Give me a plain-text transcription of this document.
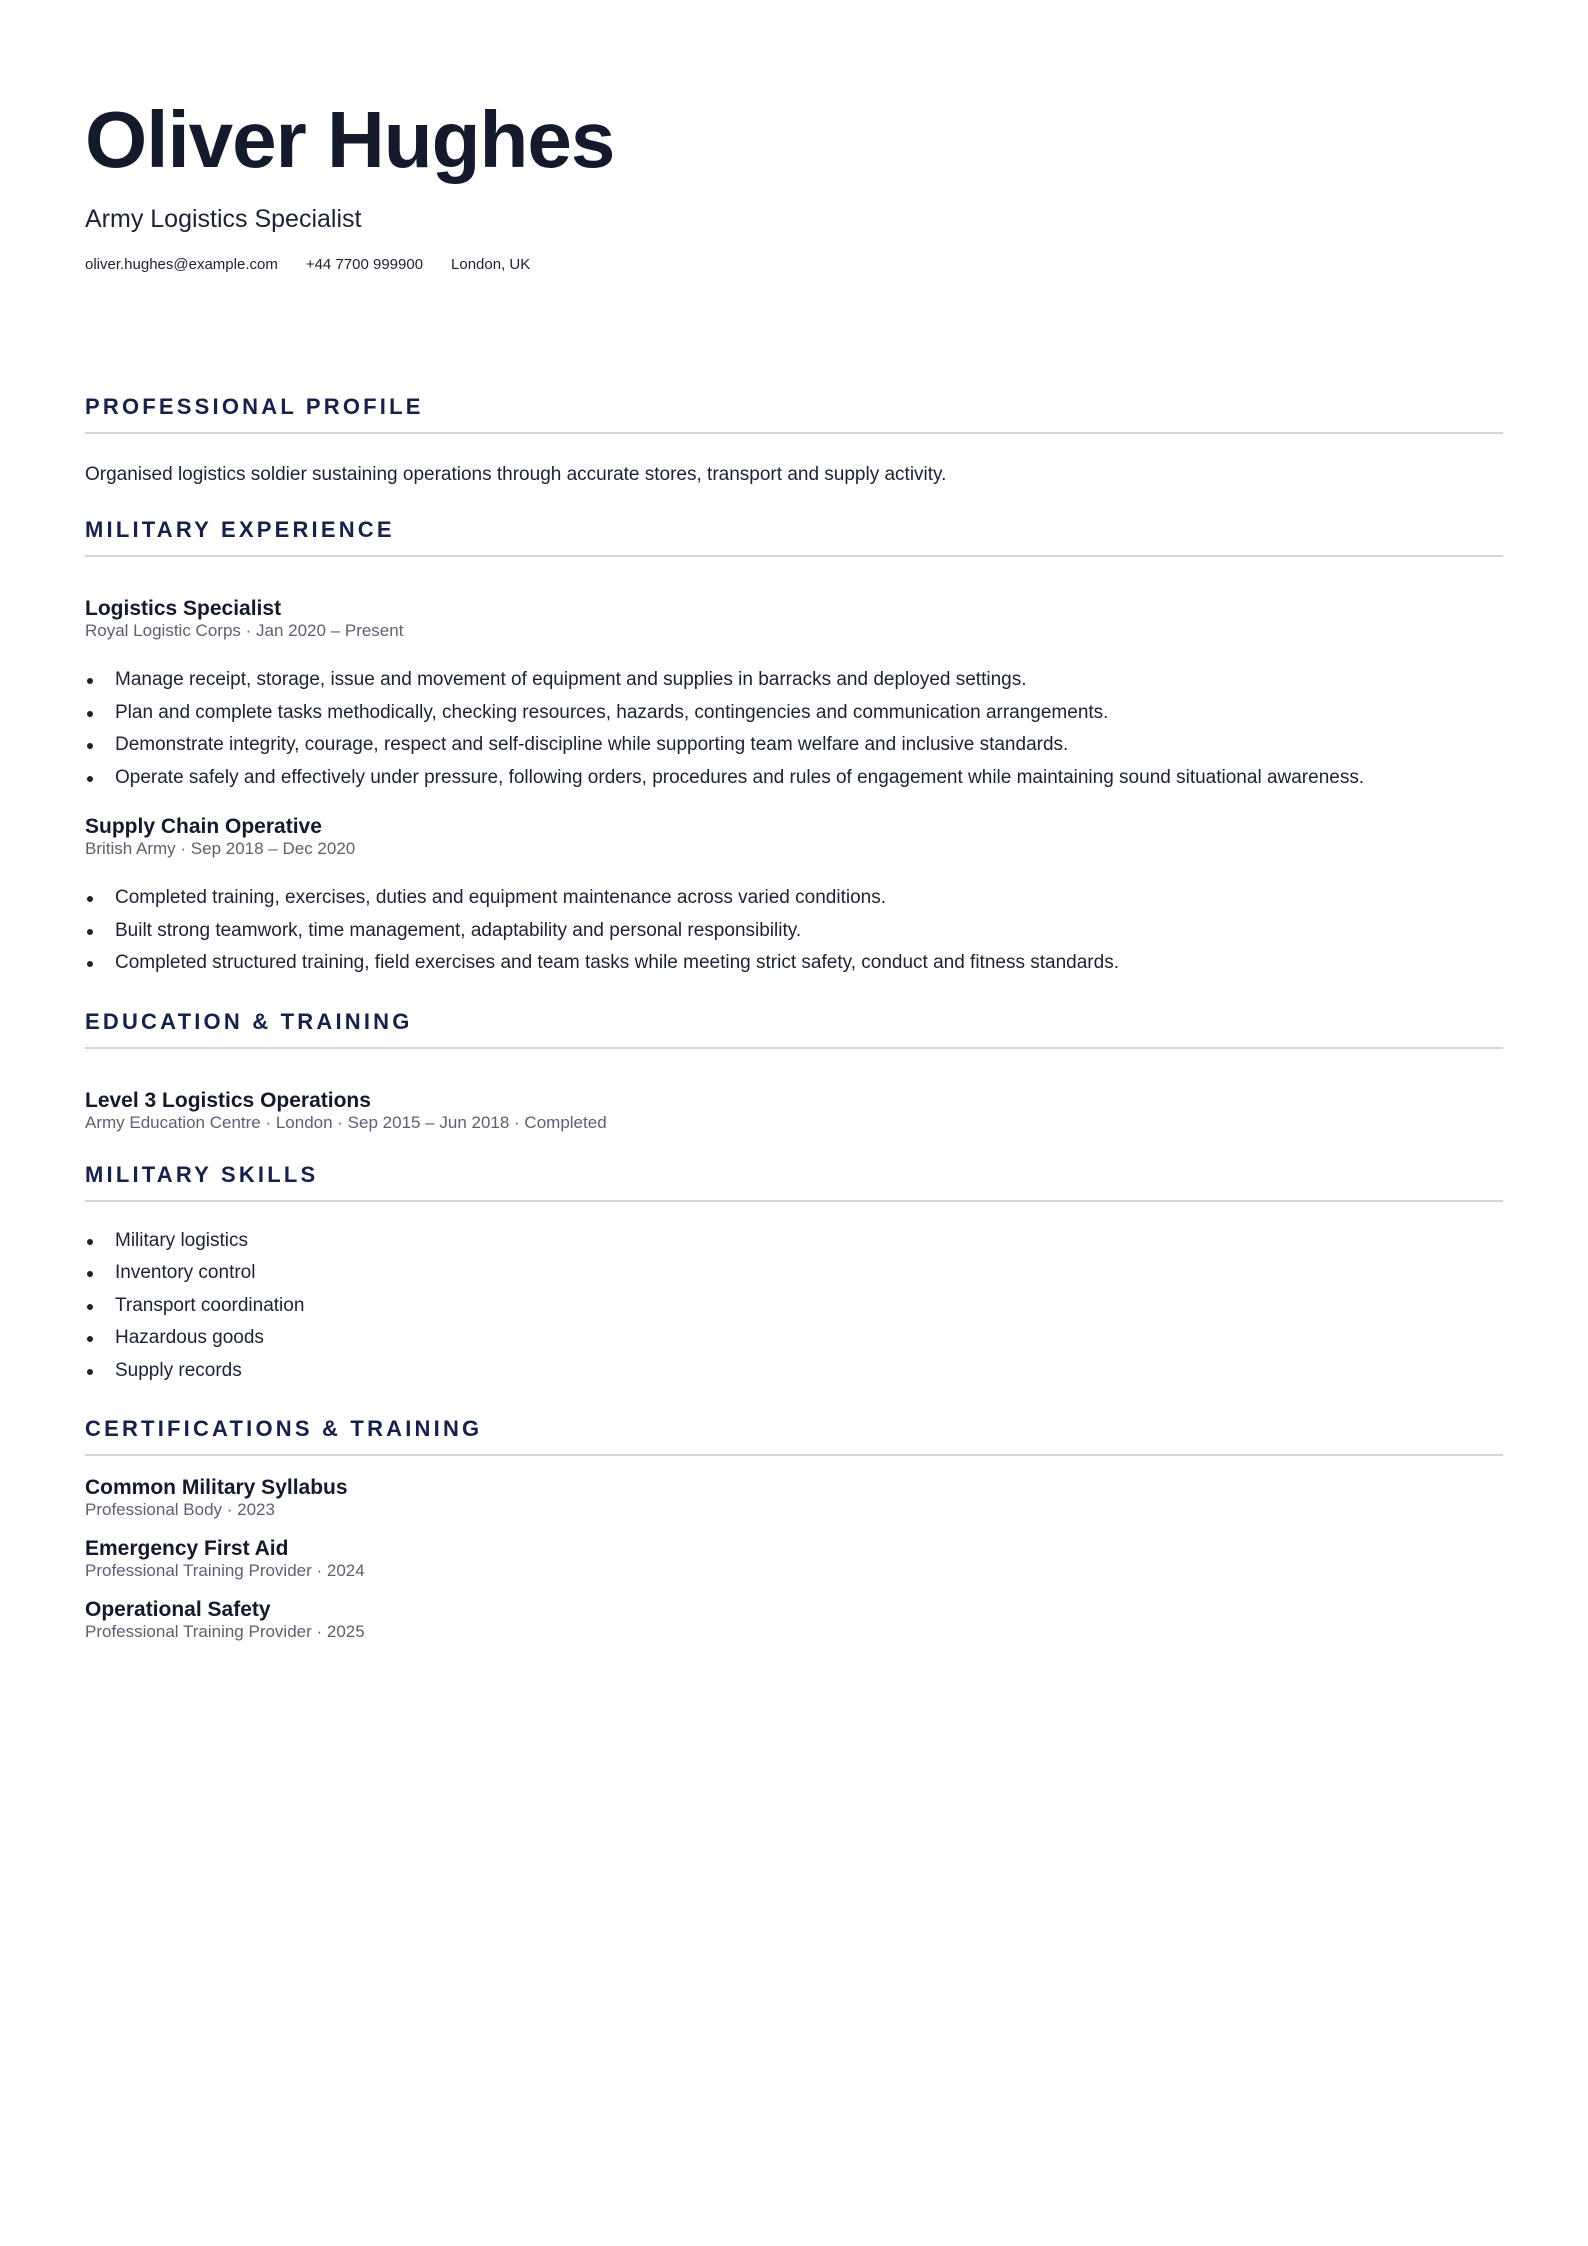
Oliver Hughes
Army Logistics Specialist
oliver.hughes@example.com +44 7700 999900 London, UK
PROFESSIONAL PROFILE

Organised logistics soldier sustaining operations through accurate stores, transport and supply activity.

MILITARY EXPERIENCE
Logistics Specialist
Royal Logistic Corps · Jan 2020 – Present
Manage receipt, storage, issue and movement of equipment and supplies in barracks and deployed settings.
Plan and complete tasks methodically, checking resources, hazards, contingencies and communication arrangements.
Demonstrate integrity, courage, respect and self-discipline while supporting team welfare and inclusive standards.
Operate safely and effectively under pressure, following orders, procedures and rules of engagement while maintaining sound situational awareness.
Supply Chain Operative
British Army · Sep 2018 – Dec 2020
Completed training, exercises, duties and equipment maintenance across varied conditions.
Built strong teamwork, time management, adaptability and personal responsibility.
Completed structured training, field exercises and team tasks while meeting strict safety, conduct and fitness standards.
EDUCATION & TRAINING
Level 3 Logistics Operations
Army Education Centre · London · Sep 2015 – Jun 2018 · Completed
MILITARY SKILLS
Military logistics
Inventory control
Transport coordination
Hazardous goods
Supply records
CERTIFICATIONS & TRAINING
Common Military Syllabus
Professional Body · 2023
Emergency First Aid
Professional Training Provider · 2024
Operational Safety
Professional Training Provider · 2025
